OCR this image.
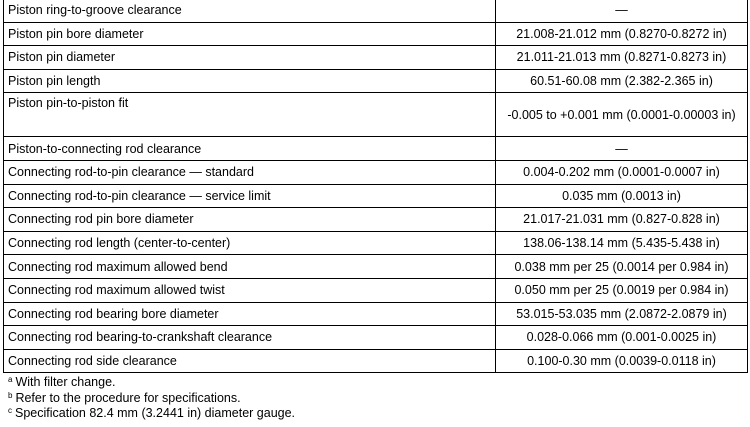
Piston ring-to-groove clearance	—
Piston pin bore diameter	21.008-21.012 mm (0.8270-0.8272 in)
Piston pin diameter	21.011-21.013 mm (0.8271-0.8273 in)
Piston pin length	60.51-60.08 mm (2.382-2.365 in)
Piston pin-to-piston fit	-0.005 to +0.001 mm (0.0001-0.00003 in)
Piston-to-connecting rod clearance	—
Connecting rod-to-pin clearance — standard	0.004-0.202 mm (0.0001-0.0007 in)
Connecting rod-to-pin clearance — service limit	0.035 mm (0.0013 in)
Connecting rod pin bore diameter	21.017-21.031 mm (0.827-0.828 in)
Connecting rod length (center-to-center)	138.06-138.14 mm (5.435-5.438 in)
Connecting rod maximum allowed bend	0.038 mm per 25 (0.0014 per 0.984 in)
Connecting rod maximum allowed twist	0.050 mm per 25 (0.0019 per 0.984 in)
Connecting rod bearing bore diameter	53.015-53.035 mm (2.0872-2.0879 in)
Connecting rod bearing-to-crankshaft clearance	0.028-0.066 mm (0.001-0.0025 in)
Connecting rod side clearance	0.100-0.30 mm (0.0039-0.0118 in)
$^a$ With filter change.
$^b$ Refer to the procedure for specifications.
$^c$ Specification 82.4 mm (3.2441 in) diameter gauge.
